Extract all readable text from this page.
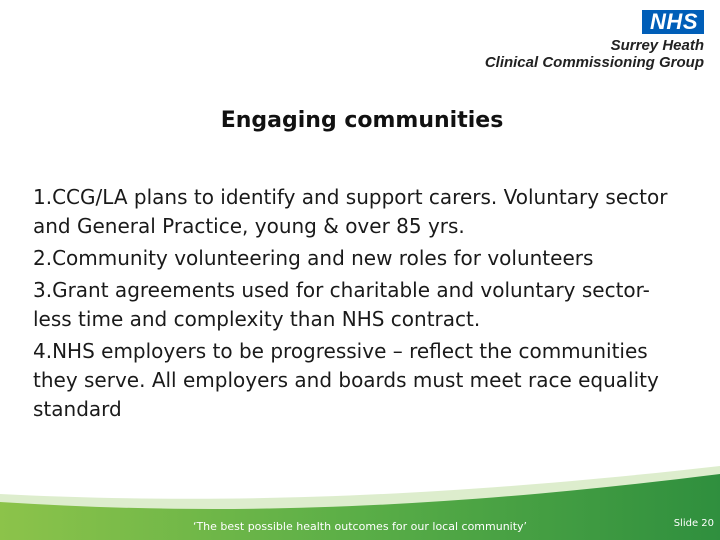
NHS
Surrey Heath
Clinical Commissioning Group
Engaging communities
1.CCG/LA plans to identify and support carers. Voluntary sector and General Practice, young & over 85 yrs.
2.Community volunteering and new roles for volunteers
3.Grant agreements used for charitable and voluntary sector- less time and complexity than NHS contract.
4.NHS employers to be progressive – reflect the communities they serve. All employers and boards must meet race equality standard
‘The best possible health outcomes for our local community’	Slide 20
